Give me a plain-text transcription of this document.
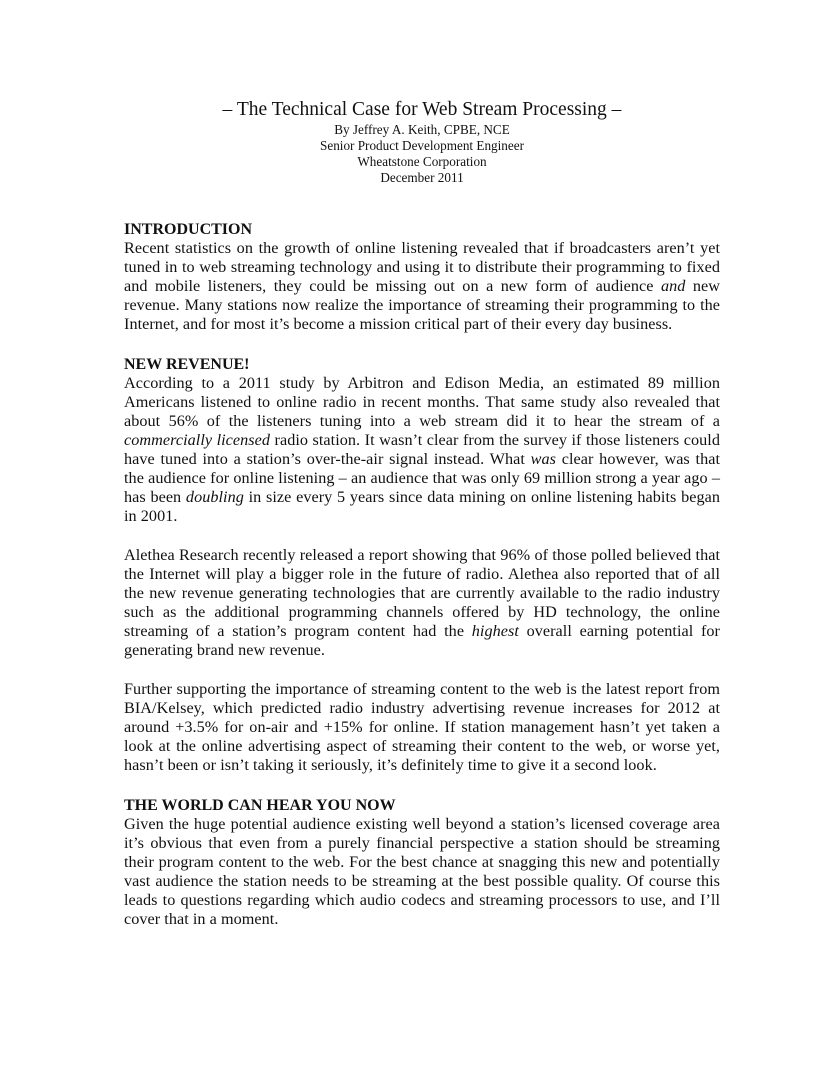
– The Technical Case for Web Stream Processing –

By Jeffrey A. Keith, CPBE, NCE

Senior Product Development Engineer

Wheatstone Corporation

December 2011

INTRODUCTION

Recent statistics on the growth of online listening revealed that if broadcasters aren’t yet tuned in to web streaming technology and using it to distribute their programming to fixed and mobile listeners, they could be missing out on a new form of audience and new revenue. Many stations now realize the importance of streaming their programming to the Internet, and for most it’s become a mission critical part of their every day business.

NEW REVENUE!

According to a 2011 study by Arbitron and Edison Media, an estimated 89 million Americans listened to online radio in recent months. That same study also revealed that about 56% of the listeners tuning into a web stream did it to hear the stream of a commercially licensed radio station. It wasn’t clear from the survey if those listeners could have tuned into a station’s over-the-air signal instead. What was clear however, was that the audience for online listening – an audience that was only 69 million strong a year ago – has been doubling in size every 5 years since data mining on online listening habits began in 2001.

Alethea Research recently released a report showing that 96% of those polled believed that the Internet will play a bigger role in the future of radio. Alethea also reported that of all the new revenue generating technologies that are currently available to the radio industry such as the additional programming channels offered by HD technology, the online streaming of a station’s program content had the highest overall earning potential for generating brand new revenue.

Further supporting the importance of streaming content to the web is the latest report from BIA/Kelsey, which predicted radio industry advertising revenue increases for 2012 at around +3.5% for on-air and +15% for online. If station management hasn’t yet taken a look at the online advertising aspect of streaming their content to the web, or worse yet, hasn’t been or isn’t taking it seriously, it’s definitely time to give it a second look.

THE WORLD CAN HEAR YOU NOW

Given the huge potential audience existing well beyond a station’s licensed coverage area it’s obvious that even from a purely financial perspective a station should be streaming their program content to the web. For the best chance at snagging this new and potentially vast audience the station needs to be streaming at the best possible quality. Of course this leads to questions regarding which audio codecs and streaming processors to use, and I’ll cover that in a moment.
